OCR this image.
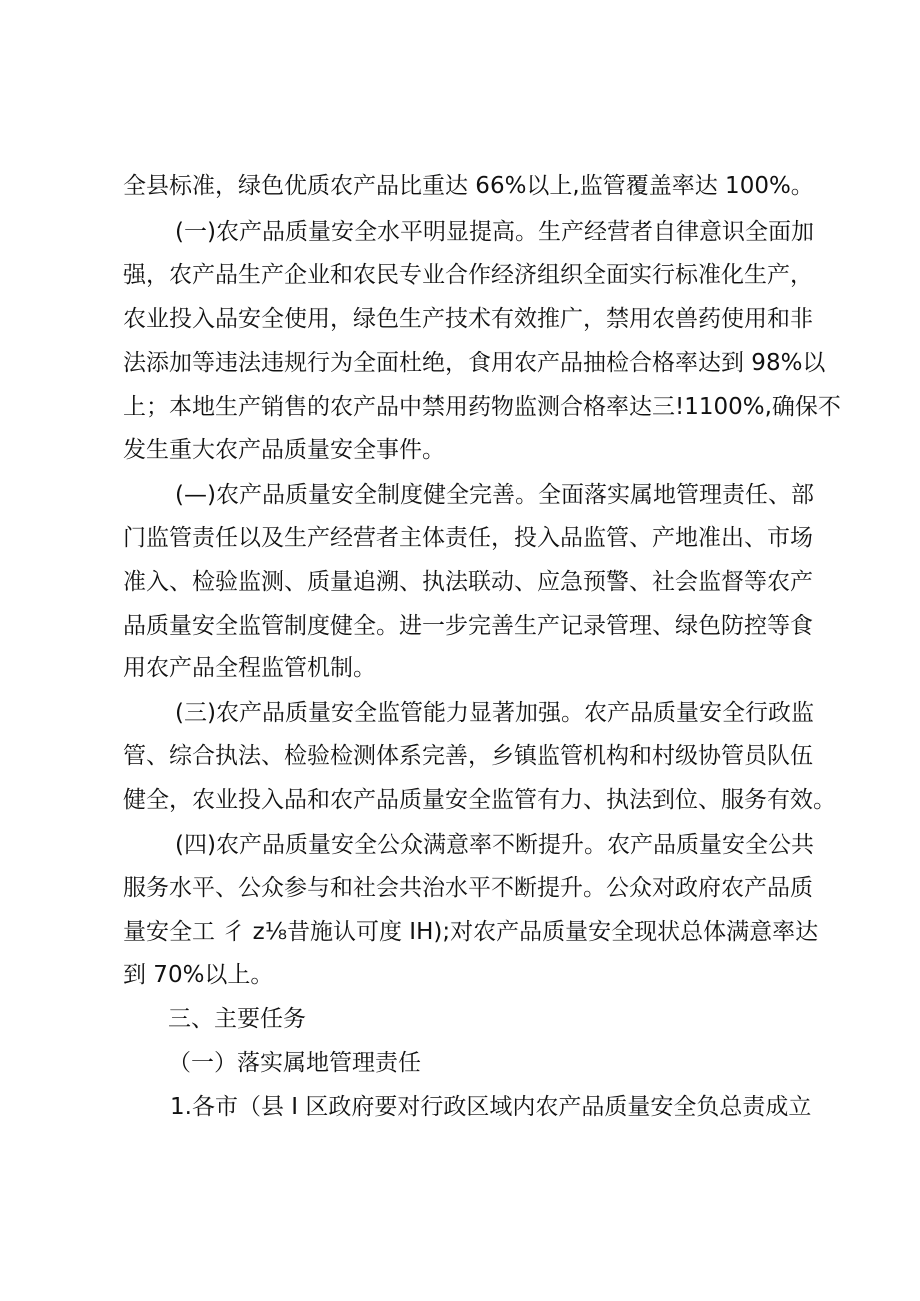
全县标准，绿色优质农产品比重达 66%以上,监管覆盖率达 100%。
(一)农产品质量安全水平明显提高。生产经营者自律意识全面加
强，农产品生产企业和农民专业合作经济组织全面实行标准化生产，
农业投入品安全使用，绿色生产技术有效推广，禁用农兽药使用和非
法添加等违法违规行为全面杜绝，食用农产品抽检合格率达到 98%以
上；本地生产销售的农产品中禁用药物监测合格率达三!1100%,确保不
发生重大农产品质量安全事件。
(—)农产品质量安全制度健全完善。全面落实属地管理责任、部
门监管责任以及生产经营者主体责任，投入品监管、产地准出、市场
准入、检验监测、质量追溯、执法联动、应急预警、社会监督等农产
品质量安全监管制度健全。进一步完善生产记录管理、绿色防控等食
用农产品全程监管机制。
(三)农产品质量安全监管能力显著加强。农产品质量安全行政监
管、综合执法、检验检测体系完善，乡镇监管机构和村级协管员队伍
健全，农业投入品和农产品质量安全监管有力、执法到位、服务有效。
(四)农产品质量安全公众满意率不断提升。农产品质量安全公共
服务水平、公众参与和社会共治水平不断提升。公众对政府农产品质
量安全工 彳 z⅛昔施认可度 IH);对农产品质量安全现状总体满意率达
到 70%以上。
三、主要任务
（一）落实属地管理责任
1.各市（县 I 区政府要对行政区域内农产品质量安全负总责成立
